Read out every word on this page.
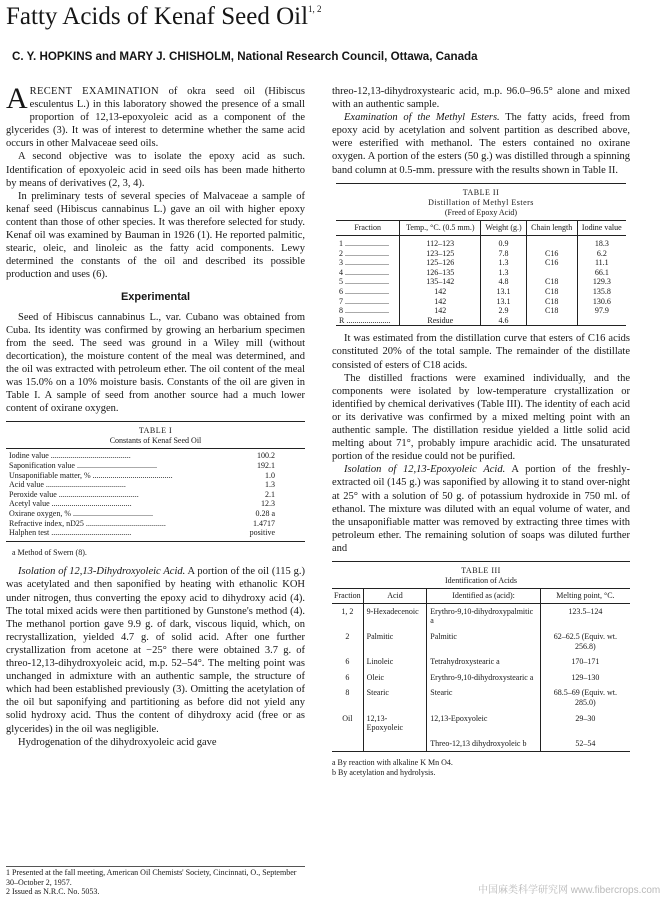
Fatty Acids of Kenaf Seed Oil$^{1, 2}$
C. Y. HOPKINS and MARY J. CHISHOLM, National Research Council, Ottawa, Canada

ARECENT EXAMINATION of okra seed oil (Hibiscus esculentus L.) in this laboratory showed the presence of a small proportion of 12,13-epoxyoleic acid as a component of the glycerides (3). It was of interest to determine whether the same acid occurs in other Malvaceae seed oils.

A second objective was to isolate the epoxy acid as such. Identification of epoxyoleic acid in seed oils has been made hitherto by means of derivatives (2, 3, 4).

In preliminary tests of several species of Malvaceae a sample of kenaf seed (Hibiscus cannabinus L.) gave an oil with higher epoxy content than those of other species. It was therefore selected for study. Kenaf oil was examined by Bauman in 1926 (1). He reported palmitic, stearic, oleic, and linoleic as the fatty acid components. Lewy determined the constants of the oil and described its possible production and uses (6).

Experimental

Seed of Hibiscus cannabinus L., var. Cubano was obtained from Cuba. Its identity was confirmed by growing an herbarium specimen from the seed. The seed was ground in a Wiley mill (without decortication), the moisture content of the meal was determined, and the oil was extracted with petroleum ether. The oil content of the meal was 15.0% on a 10% moisture basis. Constants of the oil are given in Table I. A sample of seed from another source had a much lower content of oxirane oxygen.

TABLE I
Constants of Kenaf Seed Oil
Iodine value ........................................	100.2
Saponification value ........................................	192.1
Unsaponifiable matter, % ........................................	1.0
Acid value ........................................	1.3
Peroxide value ........................................	2.1
Acetyl value ........................................	12.3
Oxirane oxygen, % ........................................	0.28 a
Refractive index, nD25 ........................................	1.4717
Halphen test ........................................	positive
a Method of Swern (8).

Isolation of 12,13-Dihydroxyoleic Acid. A portion of the oil (115 g.) was acetylated and then saponified by heating with ethanolic KOH under nitrogen, thus converting the epoxy acid to dihydroxy acid (4). The total mixed acids were then partitioned by Gunstone's method (4). The methanol portion gave 9.9 g. of dark, viscous liquid, which, on recrystallization, yielded 4.7 g. of solid acid. After one further crystallization from acetone at −25° there were obtained 3.7 g. of threo-12,13-dihydroxyoleic acid, m.p. 52–54°. The melting point was unchanged in admixture with an authentic sample, the structure of which had been established previously (3). Omitting the acetylation of the oil but saponifying and partitioning as before did not yield any solid hydroxy acid. Thus the content of dihydroxy acid (free or as glycerides) in the oil was negligible.

Hydrogenation of the dihydroxyoleic acid gave

1 Presented at the fall meeting, American Oil Chemists' Society, Cincinnati, O., September 30–October 2, 1957.
2 Issued as N.R.C. No. 5053.

threo-12,13-dihydroxystearic acid, m.p. 96.0–96.5° alone and mixed with an authentic sample.

Examination of the Methyl Esters. The fatty acids, freed from epoxy acid by acetylation and solvent partition as described above, were esterified with methanol. The esters contained no oxirane oxygen. A portion of the esters (50 g.) was distilled through a spinning band column at 0.5-mm. pressure with the results shown in Table II.

TABLE II
Distillation of Methyl Esters
(Freed of Epoxy Acid)
Fraction	Temp., °C. (0.5 mm.)	Weight (g.)	Chain length	Iodine value
1 ......................	112–123	0.9		18.3
2 ......................	123–125	7.8	C16	6.2
3 ......................	125–126	1.3	C16	11.1
4 ......................	126–135	1.3		66.1
5 ......................	135–142	4.8	C18	129.3
6 ......................	142	13.1	C18	135.8
7 ......................	142	13.1	C18	130.6
8 ......................	142	2.9	C18	97.9
R ......................	Residue	4.6		

It was estimated from the distillation curve that esters of C16 acids constituted 20% of the total sample. The remainder of the distillate consisted of esters of C18 acids.

The distilled fractions were examined individually, and the components were isolated by low-temperature crystallization or identified by chemical derivatives (Table III). The identity of each acid or its derivative was confirmed by a mixed melting point with an authentic sample. The distillation residue yielded a little solid acid melting about 71°, probably impure arachidic acid. The unsaturated portion of the residue could not be purified.

Isolation of 12,13-Epoxyoleic Acid. A portion of the freshly-extracted oil (145 g.) was saponified by allowing it to stand over-night at 25° with a solution of 50 g. of potassium hydroxide in 750 ml. of ethanol. The mixture was diluted with an equal volume of water, and the unsaponifiable matter was removed by extracting three times with petroleum ether. The remaining solution of soaps was diluted further and

TABLE III
Identification of Acids
Fraction	Acid	Identified as (acid):	Melting point, °C.
1, 2	9-Hexadecenoic	Erythro-9,10-dihydroxypalmitic a	123.5–124
2	Palmitic	Palmitic	62–62.5 (Equiv. wt. 256.8)
6	Linoleic	Tetrahydroxystearic a	170–171
6	Oleic	Erythro-9,10-dihydroxystearic a	129–130
8	Stearic	Stearic	68.5–69 (Equiv. wt. 285.0)
Oil	12,13-Epoxyoleic	12,13-Epoxyoleic	29–30
		Threo-12,13 dihydroxyoleic b	52–54
a By reaction with alkaline K Mn O4.
b By acetylation and hydrolysis.
中国麻类科学研究网 www.fibercrops.com
